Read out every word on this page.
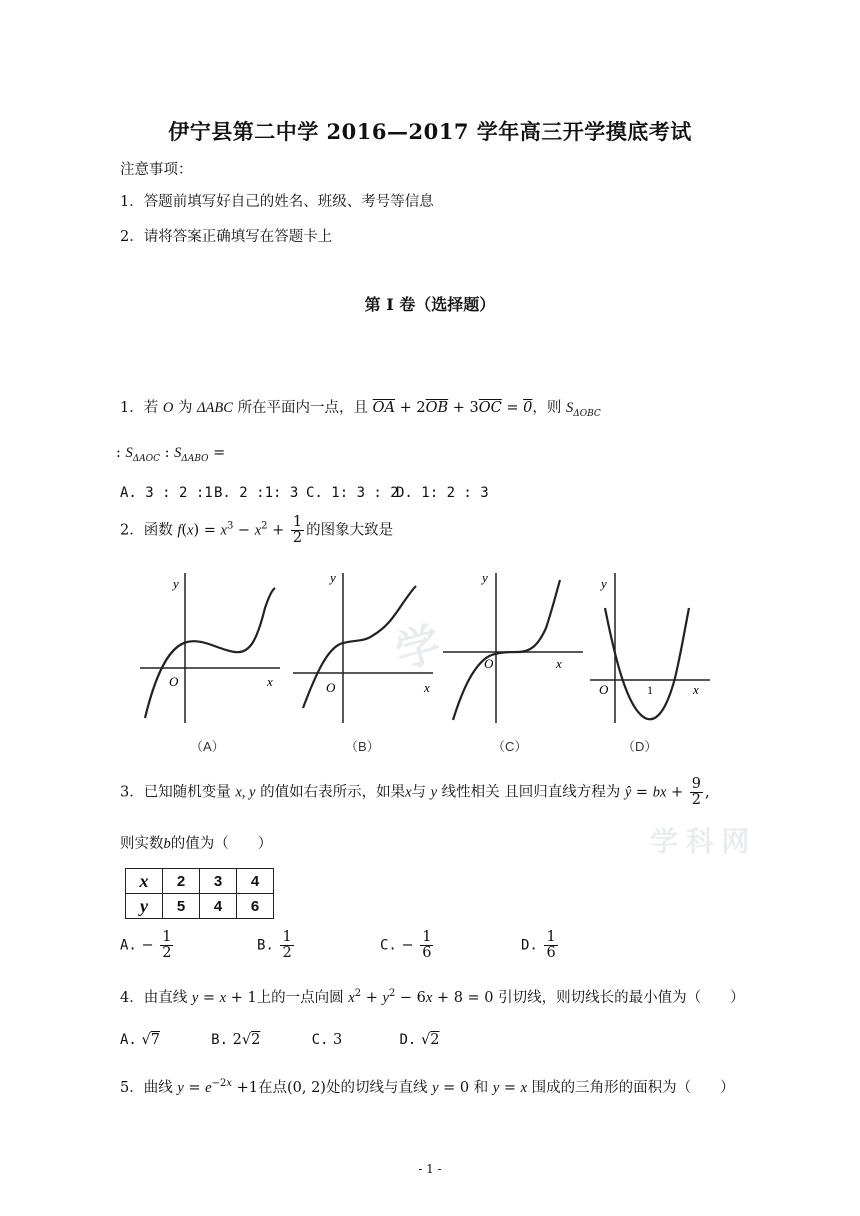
伊宁县第二中学 2016—2017 学年高三开学摸底考试
注意事项：
1．答题前填写好自己的姓名、班级、考号等信息
2．请将答案正确填写在答题卡上
第 I 卷（选择题）
1．若 O 为 ΔABC 所在平面内一点，且 $\overline{OA} + 2\overline{OB} + 3\overline{OC} = 0$，则 $S_{\Delta OBC}$
: $S_{\Delta AOC}$ : $S_{\Delta ABO}$ =
A. 3 : 2 :1 B. 2 :1: 3 C. 1: 3 : 2
D. 1: 2 : 3
2．函数 $f(x) = x^3 - x^2 + \frac{1}{2}$ 的图象大致是
学
学 科 网
y
O	x
（A）
y
O	x
（B）
y
O	x
（C）
y
O	1	x
（D）
3．已知随机变量 x, y 的值如右表所示，如果x与 y 线性相关 且回归直线方程为 ŷ = bx + $\frac{9}{2}$ ,
则实数b的值为（　　）
x	2	3	4
y	5	4	6
A. − $\frac{1}{2}$	B. $\frac{1}{2}$	C. − $\frac{1}{6}$	D. $\frac{1}{6}$
4．由直线 y = x + 1上的一点向圆 $x^2 + y^2 - 6x + 8 = 0$ 引切线，则切线长的最小值为（　　）
A. √7	B. 2√2	C. 3	D. √2
5．曲线 $y = e^{-2x} +1$在点(0, 2)处的切线与直线 y = 0 和 y = x 围成的三角形的面积为（　　）
- 1 -
